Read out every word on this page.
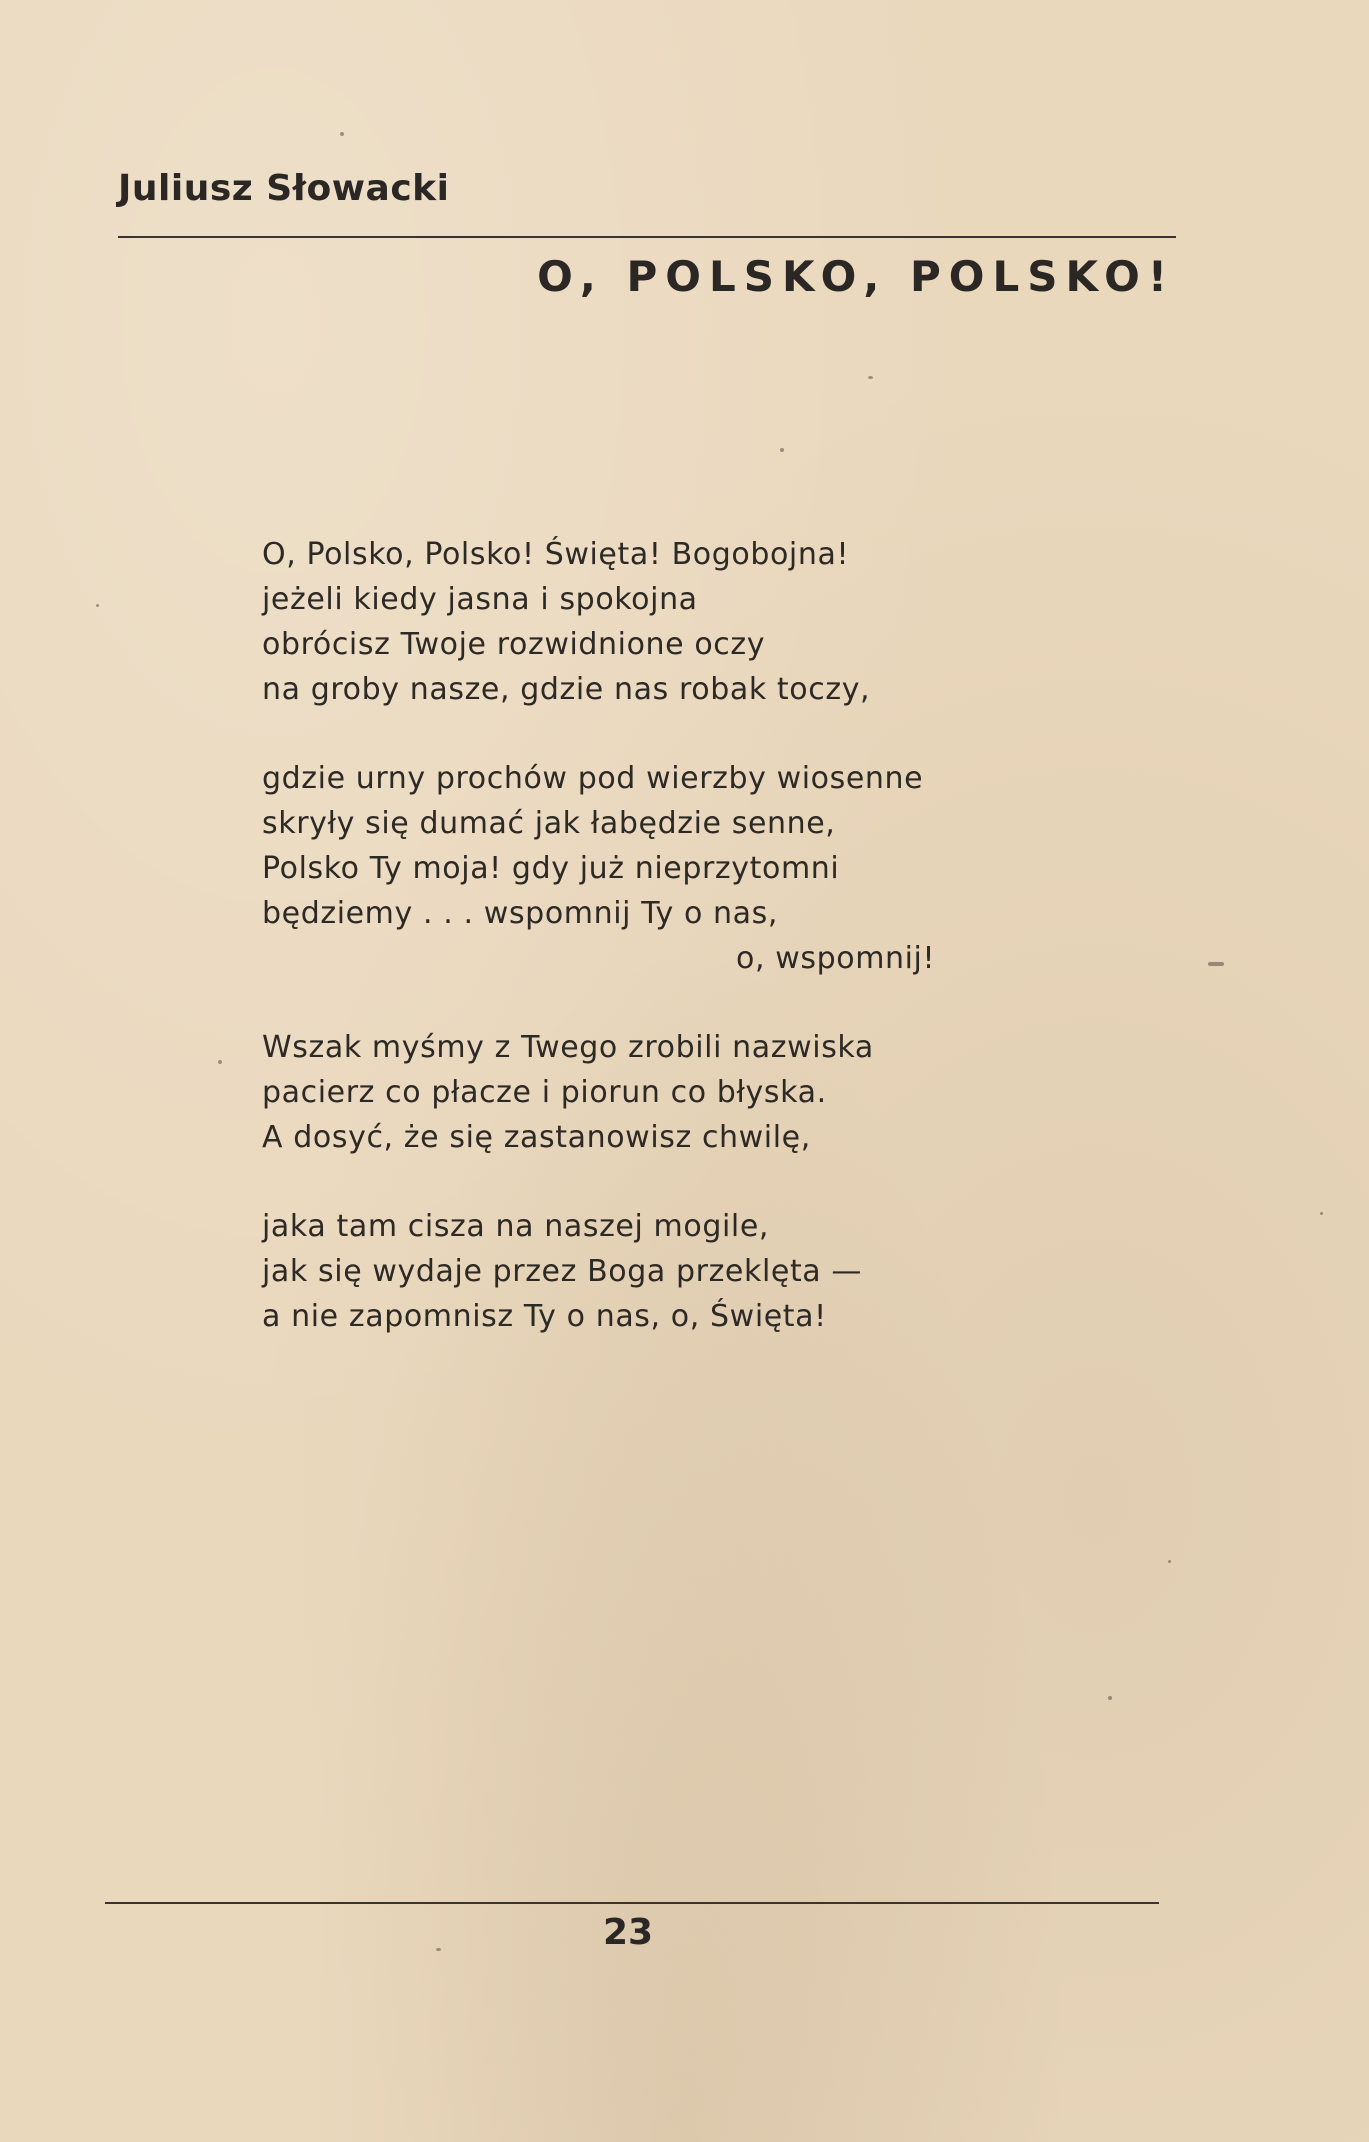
Juliusz Słowacki
O, POLSKO, POLSKO!
O, Polsko, Polsko! Święta! Bogobojna!
jeżeli kiedy jasna i spokojna
obrócisz Twoje rozwidnione oczy
na groby nasze, gdzie nas robak toczy,
gdzie urny prochów pod wierzby wiosenne
skryły się dumać jak łabędzie senne,
Polsko Ty moja! gdy już nieprzytomni
będziemy . . . wspomnij Ty o nas,
o, wspomnij!
Wszak myśmy z Twego zrobili nazwiska
pacierz co płacze i piorun co błyska.
A dosyć, że się zastanowisz chwilę,
jaka tam cisza na naszej mogile,
jak się wydaje przez Boga przeklęta —
a nie zapomnisz Ty o nas, o, Święta!
23
